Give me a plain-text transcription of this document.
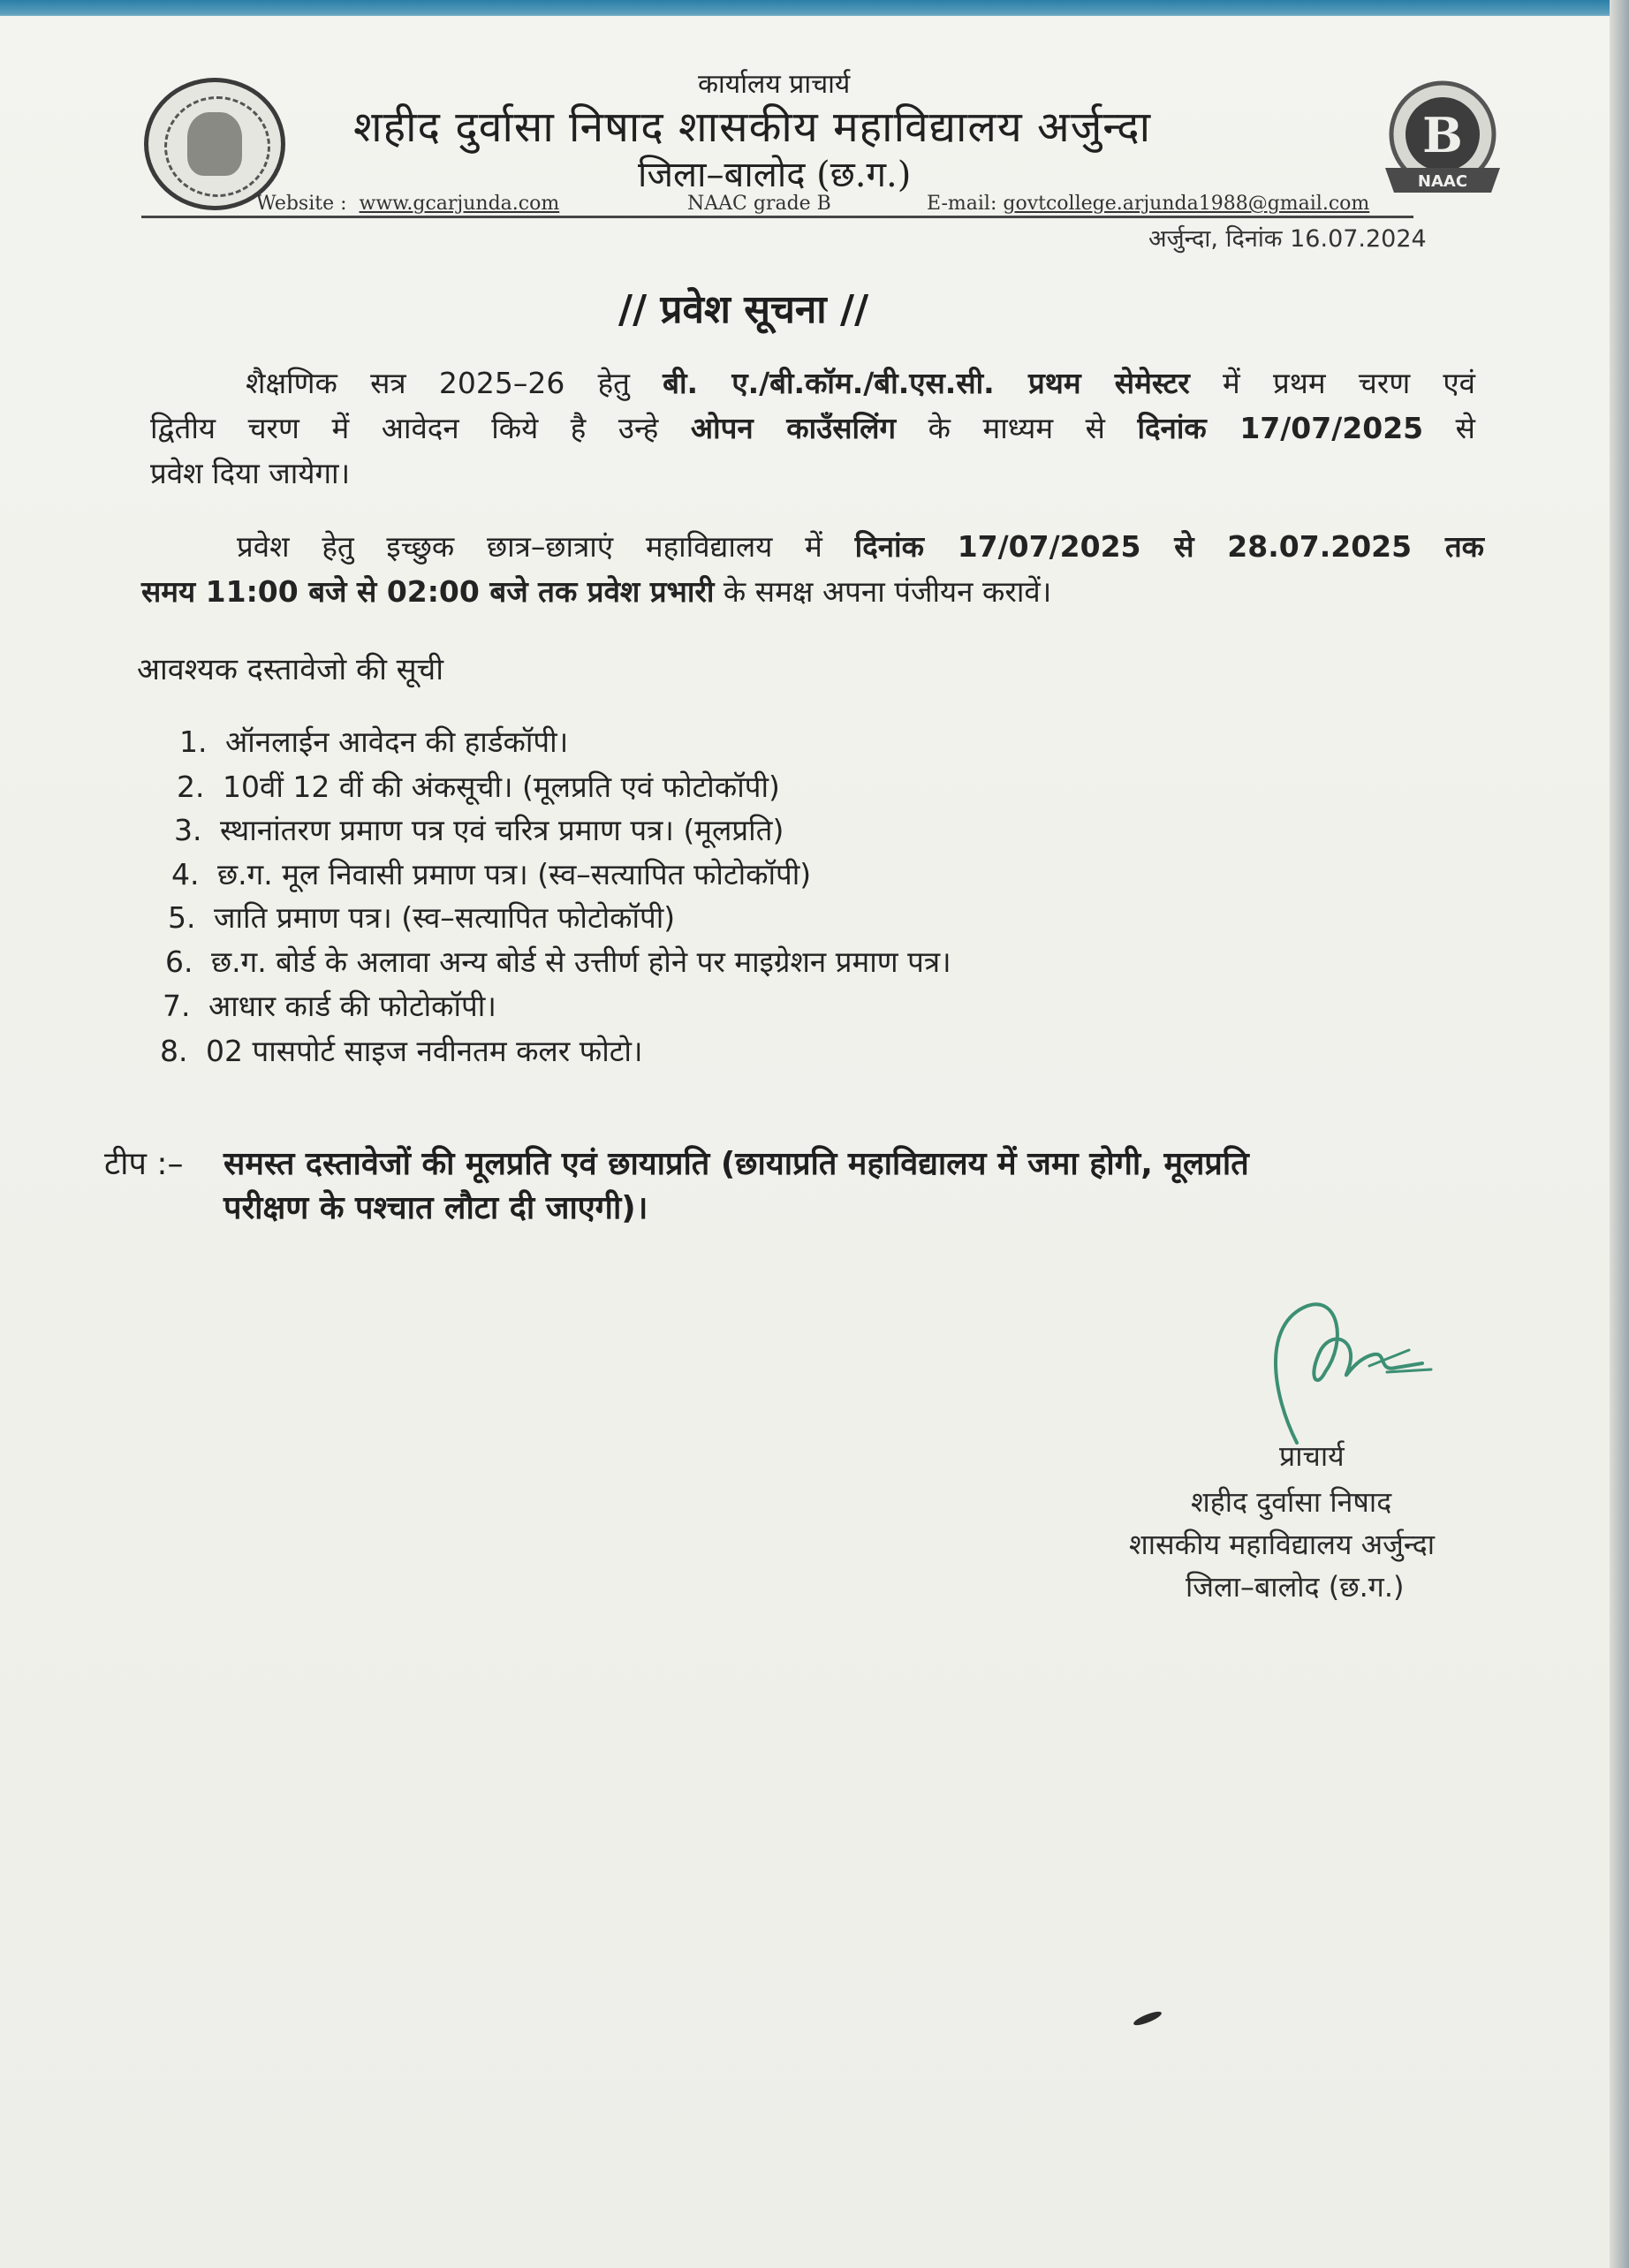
B
NAAC
कार्यालय प्राचार्य
शहीद दुर्वासा निषाद शासकीय महाविद्यालय अर्जुन्दा
जिला–बालोद (छ.ग.)
Website : www.gcarjunda.com	NAAC grade B	E-mail: govtcollege.arjunda1988@gmail.com
अर्जुन्दा, दिनांक 16.07.2024
// प्रवेश सूचना //
शैक्षणिक सत्र 2025–26 हेतु बी. ए./बी.कॉम./बी.एस.सी. प्रथम सेमेस्टर में प्रथम चरण एवं
द्वितीय चरण में आवेदन किये है उन्हे ओपन काउँसलिंग के माध्यम से दिनांक 17/07/2025 से
प्रवेश दिया जायेगा।
प्रवेश हेतु इच्छुक छात्र–छात्राएं महाविद्यालय में दिनांक 17/07/2025 से 28.07.2025 तक
समय 11:00 बजे से 02:00 बजे तक प्रवेश प्रभारी के समक्ष अपना पंजीयन करावें।
आवश्यक दस्तावेजो की सूची
1. ऑनलाईन आवेदन की हार्डकॉपी।
2. 10वीं 12 वीं की अंकसूची। (मूलप्रति एवं फोटोकॉपी)
3. स्थानांतरण प्रमाण पत्र एवं चरित्र प्रमाण पत्र। (मूलप्रति)
4. छ.ग. मूल निवासी प्रमाण पत्र। (स्व–सत्यापित फोटोकॉपी)
5. जाति प्रमाण पत्र। (स्व–सत्यापित फोटोकॉपी)
6. छ.ग. बोर्ड के अलावा अन्य बोर्ड से उत्तीर्ण होने पर माइग्रेशन प्रमाण पत्र।
7. आधार कार्ड की फोटोकॉपी।
8. 02 पासपोर्ट साइज नवीनतम कलर फोटो।
टीप :– समस्त दस्तावेजों की मूलप्रति एवं छायाप्रति (छायाप्रति महाविद्यालय में जमा होगी, मूलप्रति
परीक्षण के पश्चात लौटा दी जाएगी)।
प्राचार्य
शहीद दुर्वासा निषाद
शासकीय महाविद्यालय अर्जुन्दा
जिला–बालोद (छ.ग.)
